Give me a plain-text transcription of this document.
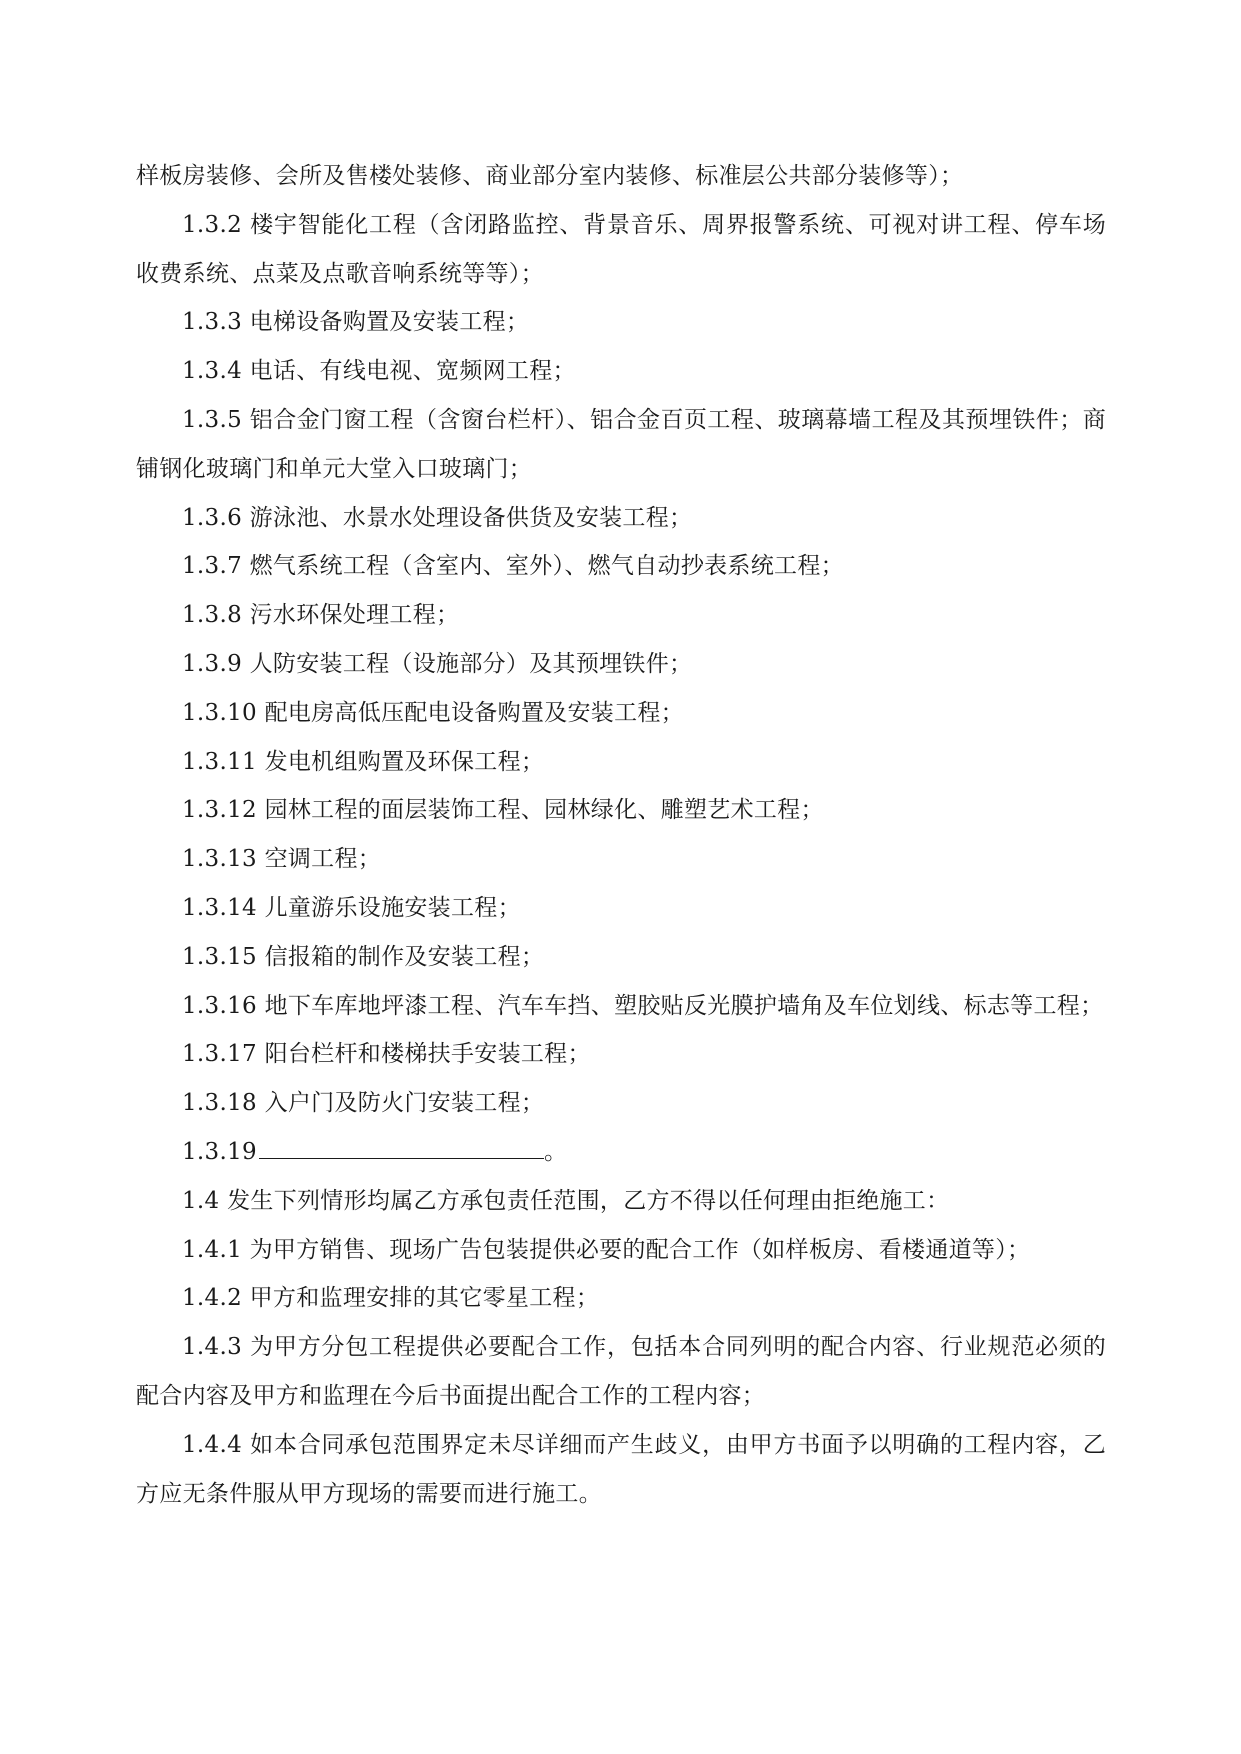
样板房装修、会所及售楼处装修、商业部分室内装修、标准层公共部分装修等）；

1.3.2 楼宇智能化工程（含闭路监控、背景音乐、周界报警系统、可视对讲工程、停车场收费系统、点菜及点歌音响系统等等）；

1.3.3 电梯设备购置及安装工程；

1.3.4 电话、有线电视、宽频网工程；

1.3.5 铝合金门窗工程（含窗台栏杆）、铝合金百页工程、玻璃幕墙工程及其预埋铁件；商铺钢化玻璃门和单元大堂入口玻璃门；

1.3.6 游泳池、水景水处理设备供货及安装工程；

1.3.7 燃气系统工程（含室内、室外）、燃气自动抄表系统工程；

1.3.8 污水环保处理工程；

1.3.9 人防安装工程（设施部分）及其预埋铁件；

1.3.10 配电房高低压配电设备购置及安装工程；

1.3.11 发电机组购置及环保工程；

1.3.12 园林工程的面层装饰工程、园林绿化、雕塑艺术工程；

1.3.13 空调工程；

1.3.14 儿童游乐设施安装工程；

1.3.15 信报箱的制作及安装工程；

1.3.16 地下车库地坪漆工程、汽车车挡、塑胶贴反光膜护墙角及车位划线、标志等工程；

1.3.17 阳台栏杆和楼梯扶手安装工程；

1.3.18 入户门及防火门安装工程；

1.3.19	。

1.4 发生下列情形均属乙方承包责任范围，乙方不得以任何理由拒绝施工：

1.4.1 为甲方销售、现场广告包装提供必要的配合工作（如样板房、看楼通道等）；

1.4.2 甲方和监理安排的其它零星工程；

1.4.3 为甲方分包工程提供必要配合工作，包括本合同列明的配合内容、行业规范必须的配合内容及甲方和监理在今后书面提出配合工作的工程内容；

1.4.4 如本合同承包范围界定未尽详细而产生歧义，由甲方书面予以明确的工程内容，乙方应无条件服从甲方现场的需要而进行施工。
